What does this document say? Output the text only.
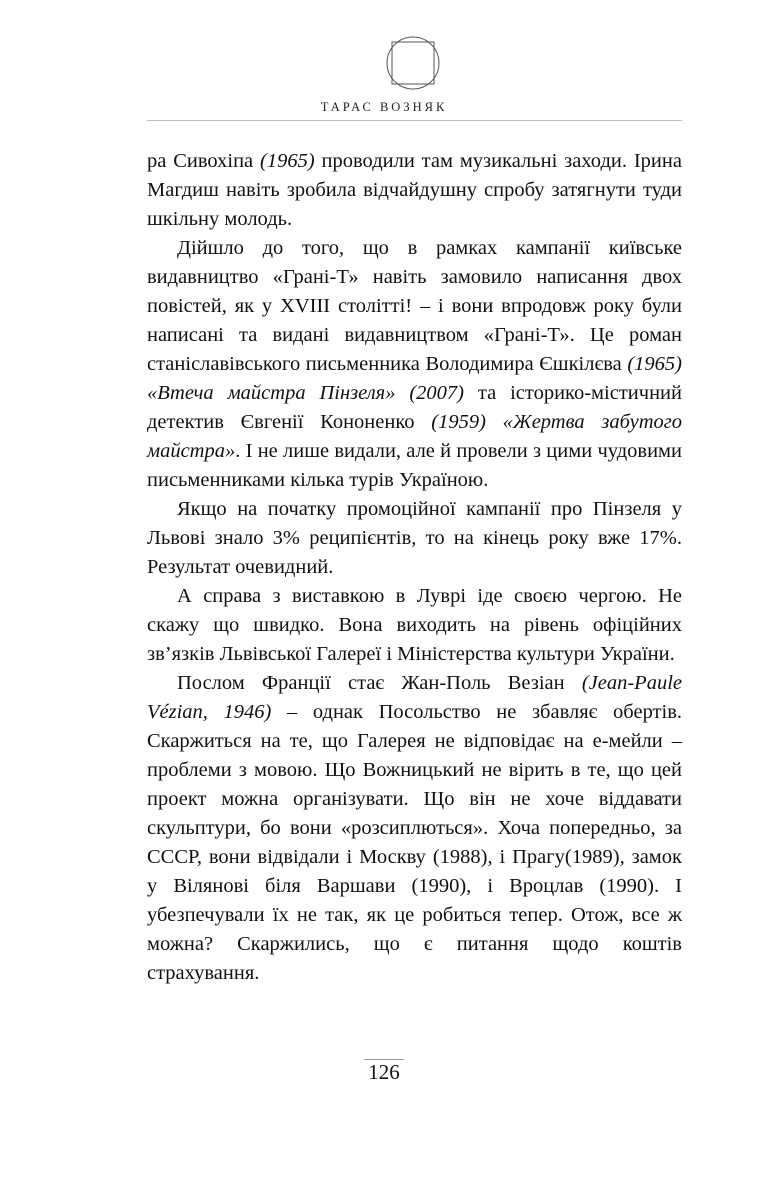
ТАРАС ВОЗНЯК

ра Сивохіпа (1965) проводили там музикальні заходи. Ірина Магдиш навіть зробила відчайдушну спробу затягнути туди шкільну молодь.

Дійшло до того, що в рамках кампанії київське видавництво «Грані-Т» навіть замовило написання двох повістей, як у XVIII столітті! – і вони впродовж року були написані та видані видавництвом «Грані-Т». Це роман станіславівського письменника Володимира Єшкілєва (1965) «Втеча майстра Пінзеля» (2007) та історико-містичний детектив Євгенії Кононенко (1959) «Жертва забутого майстра». І не лише видали, але й провели з цими чудовими письменниками кілька турів Україною.

Якщо на початку промоційної кампанії про Пінзеля у Львові знало 3% реципієнтів, то на кінець року вже 17%. Результат очевидний.

А справа з виставкою в Луврі іде своєю чергою. Не скажу що швидко. Вона виходить на рівень офіційних зв’язків Львівської Галереї і Міністерства культури України.

Послом Франції стає Жан-Поль Везіан (Jean-Paule Vézian, 1946) – однак Посольство не збавляє обертів. Скаржиться на те, що Галерея не відповідає на е-мейли – проблеми з мовою. Що Вожницький не вірить в те, що цей проект можна організувати. Що він не хоче віддавати скульптури, бо вони «розсиплються». Хоча попередньо, за СССР, вони відвідали і Москву (1988), і Прагу(1989), замок у Вілянові біля Варшави (1990), і Вроцлав (1990). І убезпечували їх не так, як це робиться тепер. Отож, все ж можна? Скаржились, що є питання щодо коштів страхування.

126
